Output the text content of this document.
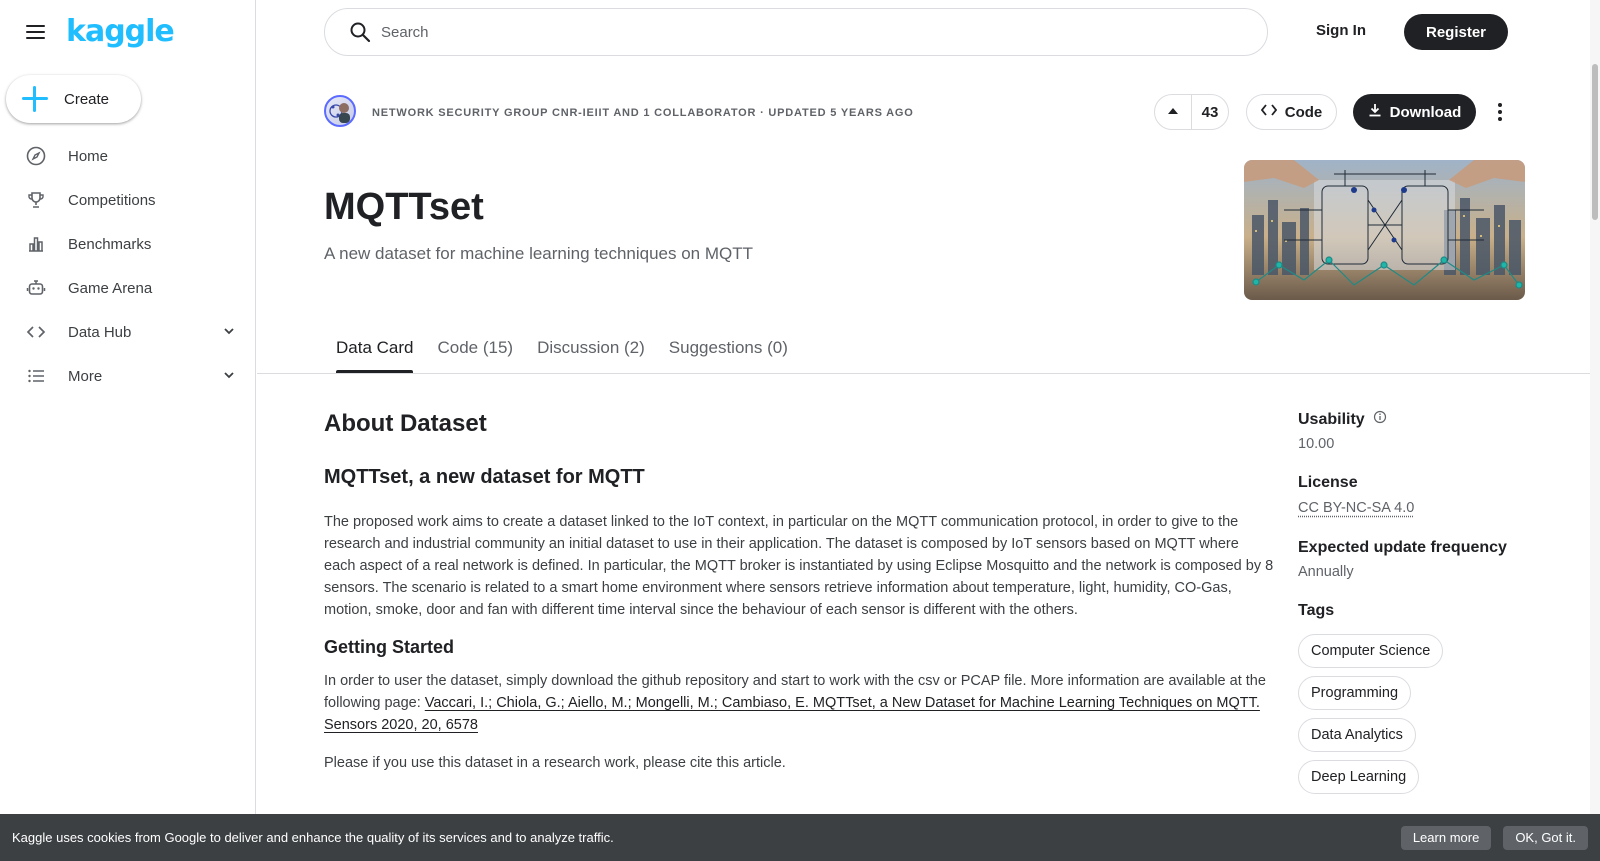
kaggle
Create
Home
Competitions
Benchmarks
Game Arena
Data Hub
More
Search	Sign In	Register
NETWORK SECURITY GROUP CNR-IEIIT AND 1 COLLABORATOR · UPDATED 5 YEARS AGO	43	Code	Download
MQTTset
A new dataset for machine learning techniques on MQTT
Data Card	Code (15)	Discussion (2)	Suggestions (0)
About Dataset
MQTTset, a new dataset for MQTT

The proposed work aims to create a dataset linked to the IoT context, in particular on the MQTT communication protocol, in order to give to the research and industrial community an initial dataset to use in their application. The dataset is composed by IoT sensors based on MQTT where each aspect of a real network is defined. In particular, the MQTT broker is instantiated by using Eclipse Mosquitto and the network is composed by 8 sensors. The scenario is related to a smart home environment where sensors retrieve information about temperature, light, humidity, CO-Gas, motion, smoke, door and fan with different time interval since the behaviour of each sensor is different with the others.

Getting Started

In order to user the dataset, simply download the github repository and start to work with the csv or PCAP file. More information are available at the following page: Vaccari, I.; Chiola, G.; Aiello, M.; Mongelli, M.; Cambiaso, E. MQTTset, a New Dataset for Machine Learning Techniques on MQTT. Sensors 2020, 20, 6578

Please if you use this dataset in a research work, please cite this article.

Usability
10.00
License
CC BY-NC-SA 4.0
Expected update frequency
Annually
Tags
Computer Science
Programming
Data Analytics
Deep Learning
Kaggle uses cookies from Google to deliver and enhance the quality of its services and to analyze traffic.	Learn more	OK, Got it.
